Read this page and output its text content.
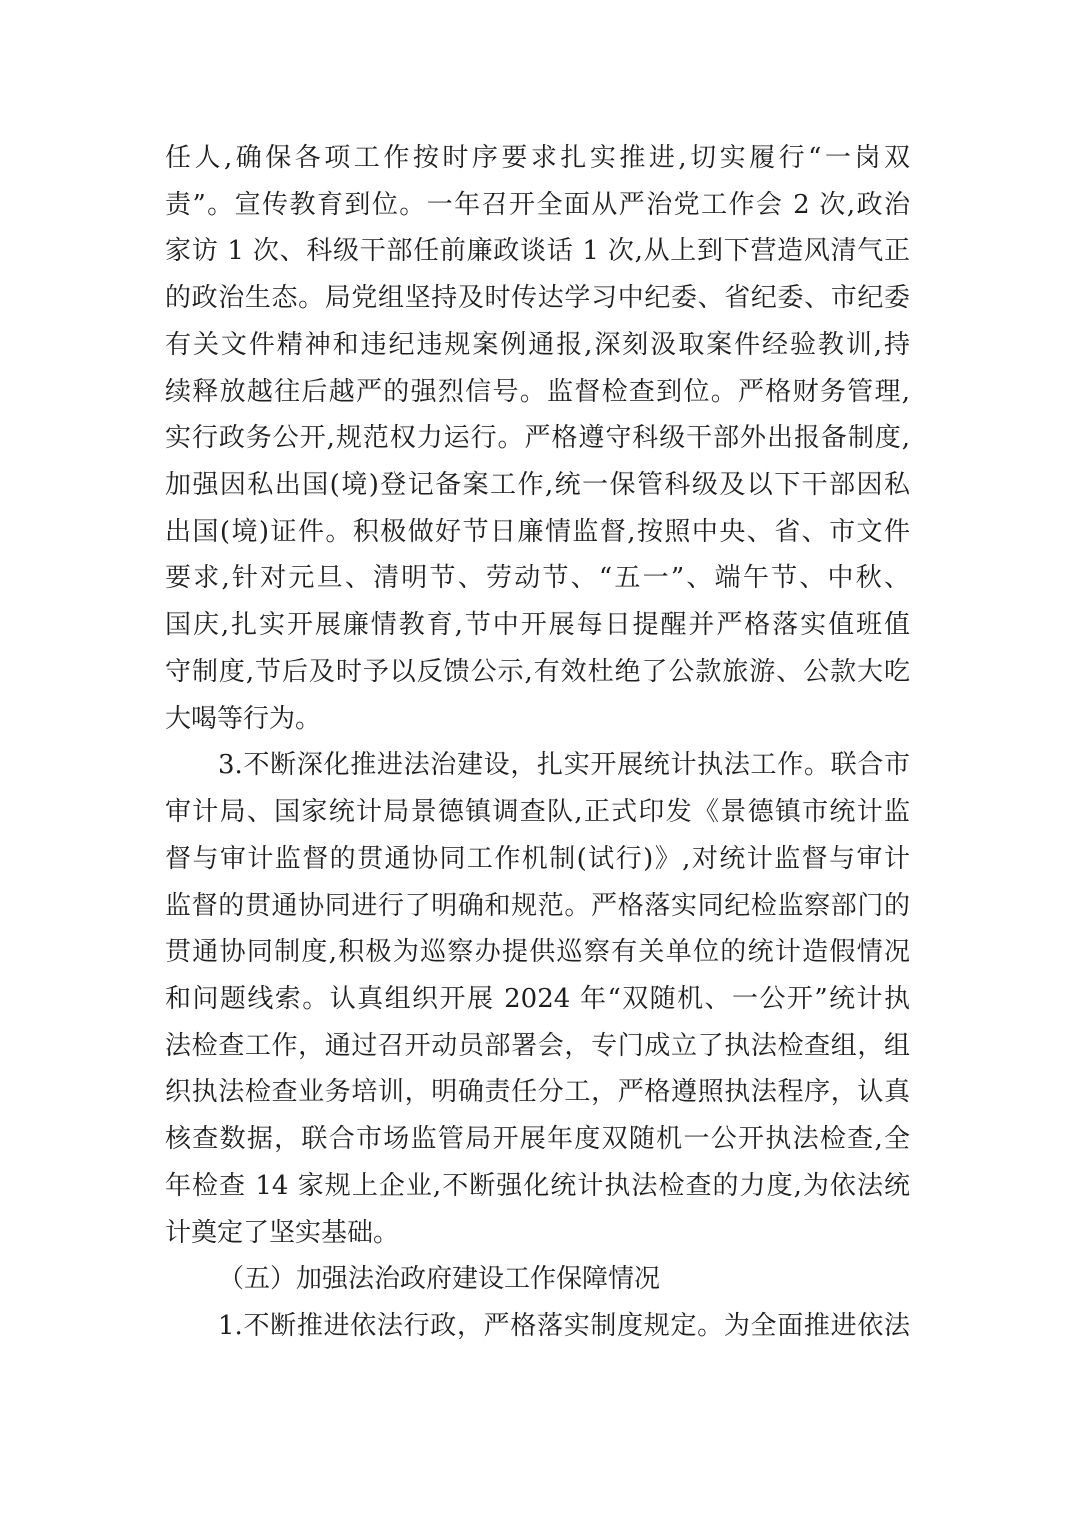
任人,确保各项工作按时序要求扎实推进,切实履行“一岗双
责”。宣传教育到位。一年召开全面从严治党工作会 2 次,政治
家访 1 次、科级干部任前廉政谈话 1 次,从上到下营造风清气正
的政治生态。局党组坚持及时传达学习中纪委、省纪委、市纪委
有关文件精神和违纪违规案例通报,深刻汲取案件经验教训,持
续释放越往后越严的强烈信号。监督检查到位。严格财务管理,
实行政务公开,规范权力运行。严格遵守科级干部外出报备制度,
加强因私出国(境)登记备案工作,统一保管科级及以下干部因私
出国(境)证件。积极做好节日廉情监督,按照中央、省、市文件
要求,针对元旦、清明节、劳动节、“五一”、端午节、中秋、
国庆,扎实开展廉情教育,节中开展每日提醒并严格落实值班值
守制度,节后及时予以反馈公示,有效杜绝了公款旅游、公款大吃
大喝等行为。
3.不断深化推进法治建设，扎实开展统计执法工作。联合市
审计局、国家统计局景德镇调查队,正式印发《景德镇市统计监
督与审计监督的贯通协同工作机制(试行)》,对统计监督与审计
监督的贯通协同进行了明确和规范。严格落实同纪检监察部门的
贯通协同制度,积极为巡察办提供巡察有关单位的统计造假情况
和问题线索。认真组织开展 2024 年“双随机、一公开”统计执
法检查工作，通过召开动员部署会，专门成立了执法检查组，组
织执法检查业务培训，明确责任分工，严格遵照执法程序，认真
核查数据，联合市场监管局开展年度双随机一公开执法检查,全
年检查 14 家规上企业,不断强化统计执法检查的力度,为依法统
计奠定了坚实基础。
（五）加强法治政府建设工作保障情况
1.不断推进依法行政，严格落实制度规定。为全面推进依法
